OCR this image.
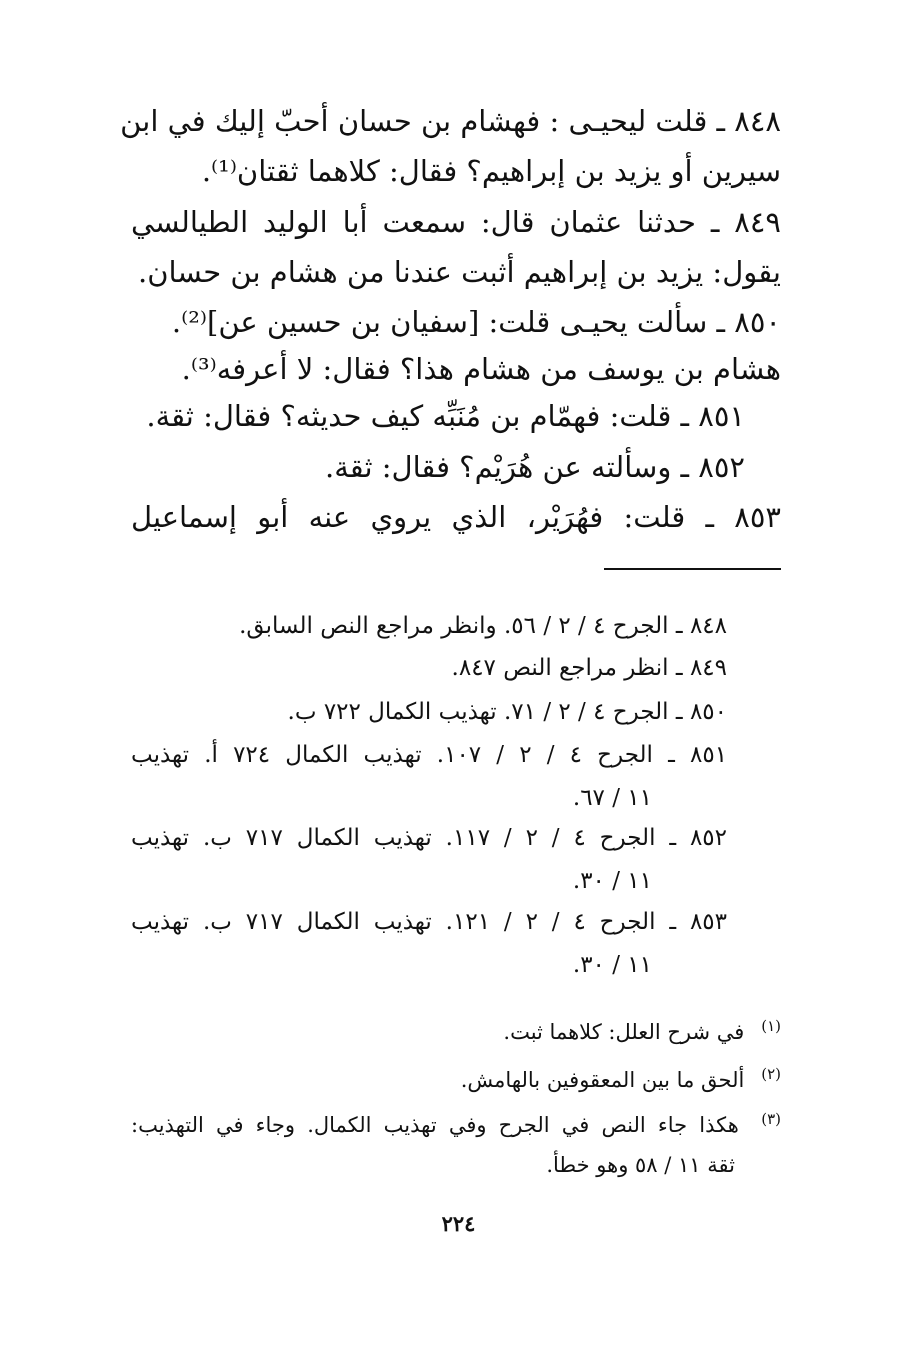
٨٤٨ ـ قلت ليحيـى : فهشام بن حسان أحبّ إليك في ابن
سيرين أو يزيد بن إبراهيم؟ فقال: كلاهما ثقتان⁽¹⁾.
٨٤٩ ـ حدثنا عثمان قال: سمعت أبا الوليد الطيالسي
يقول: يزيد بن إبراهيم أثبت عندنا من هشام بن حسان.
٨٥٠ ـ سألت يحيـى قلت: [سفيان بن حسين عن]⁽²⁾.
هشام بن يوسف من هشام هذا؟ فقال: لا أعرفه⁽³⁾.
٨٥١ ـ قلت: فهمّام بن مُنَبِّه كيف حديثه؟ فقال: ثقة.
٨٥٢ ـ وسألته عن هُرَيْم؟ فقال: ثقة.
٨٥٣ ـ قلت: فهُرَيْر، الذي يروي عنه أبو إسماعيل
٨٤٨ ـ الجرح ٤ / ٢ / ٥٦. وانظر مراجع النص السابق.
٨٤٩ ـ انظر مراجع النص ٨٤٧.
٨٥٠ ـ الجرح ٤ / ٢ / ٧١. تهذيب الكمال ٧٢٢ ب.
٨٥١ ـ الجرح ٤ / ٢ / ١٠٧. تهذيب الكمال ٧٢٤ أ. تهذيب
١١ / ٦٧.
٨٥٢ ـ الجرح ٤ / ٢ / ١١٧. تهذيب الكمال ٧١٧ ب. تهذيب
١١ / ٣٠.
٨٥٣ ـ الجرح ٤ / ٢ / ١٢١. تهذيب الكمال ٧١٧ ب. تهذيب
١١ / ٣٠.
(١) في شرح العلل: كلاهما ثبت.
(٢) ألحق ما بين المعقوفين بالهامش.
(٣) هكذا جاء النص في الجرح وفي تهذيب الكمال. وجاء في التهذيب:
ثقة ١١ / ٥٨ وهو خطأ.
٢٢٤
